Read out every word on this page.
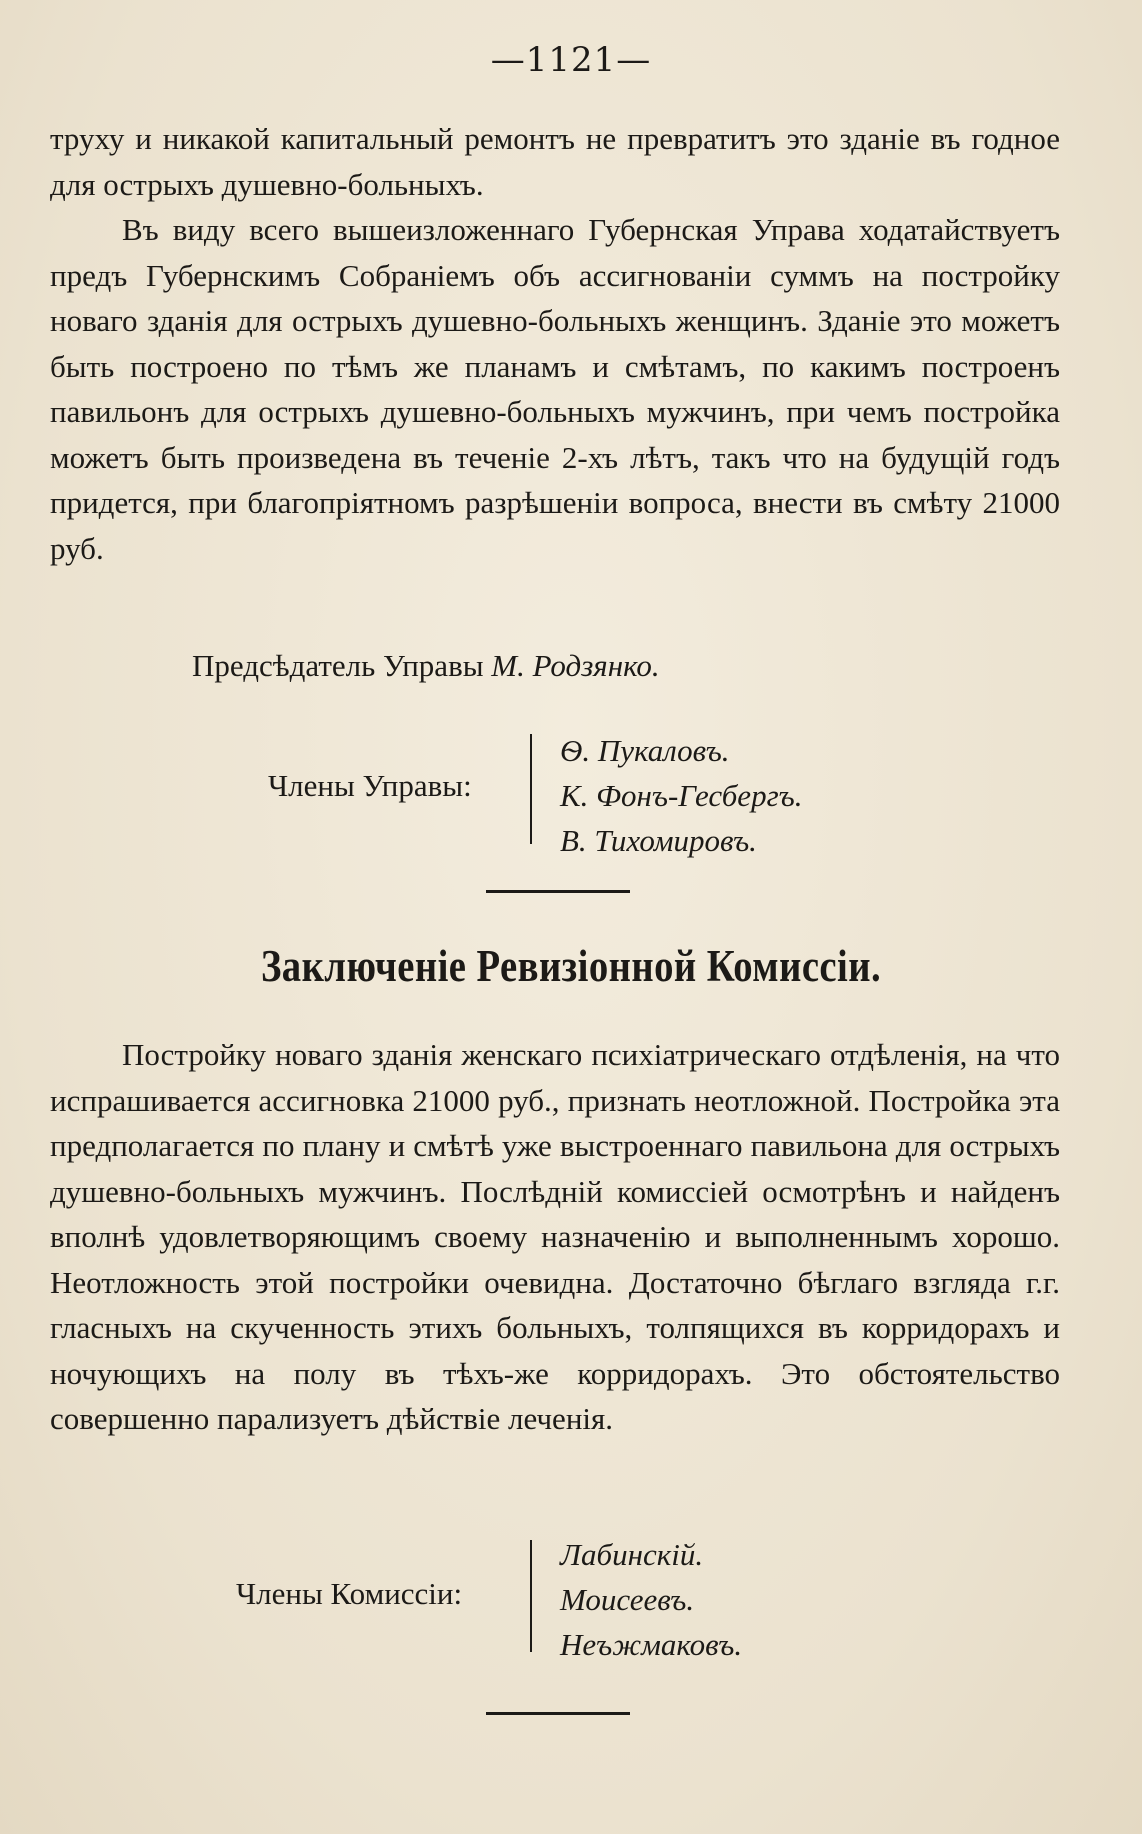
—1121—

труху и никакой капитальный ремонтъ не превратитъ это зданіе въ годное для острыхъ душевно-больныхъ.

Въ виду всего вышеизложеннаго Губернская Управа ходатайствуетъ предъ Губернскимъ Собраніемъ объ ассигнованіи суммъ на постройку новаго зданія для острыхъ душевно-больныхъ женщинъ. Зданіе это можетъ быть построено по тѣмъ же планамъ и смѣтамъ, по какимъ построенъ павильонъ для острыхъ душевно-больныхъ мужчинъ, при чемъ постройка можетъ быть произведена въ теченіе 2-хъ лѣтъ, такъ что на будущій годъ придется, при благопріятномъ разрѣшеніи вопроса, внести въ смѣту 21000 руб.

Предсѣдатель Управы М. Родзянко.
Члены Управы:
Ѳ. Пукаловъ.
К. Фонъ-Гесбергъ.
В. Тихомировъ.
Заключеніе Ревизіонной Комиссіи.

Постройку новаго зданія женскаго психіатрическаго отдѣленія, на что испрашивается ассигновка 21000 руб., признать неотложной. Постройка эта предполагается по плану и смѣтѣ уже выстроеннаго павильона для острыхъ душевно-больныхъ мужчинъ. Послѣдній комиссіей осмотрѣнъ и найденъ вполнѣ удовлетворяющимъ своему назначенію и выполненнымъ хорошо. Неотложность этой постройки очевидна. Достаточно бѣглаго взгляда г.г. гласныхъ на скученность этихъ больныхъ, толпящихся въ корридорахъ и ночующихъ на полу въ тѣхъ-же корридорахъ. Это обстоятельство совершенно парализуетъ дѣйствіе леченія.

Члены Комиссіи:
Лабинскій.
Моисеевъ.
Неъжмаковъ.
